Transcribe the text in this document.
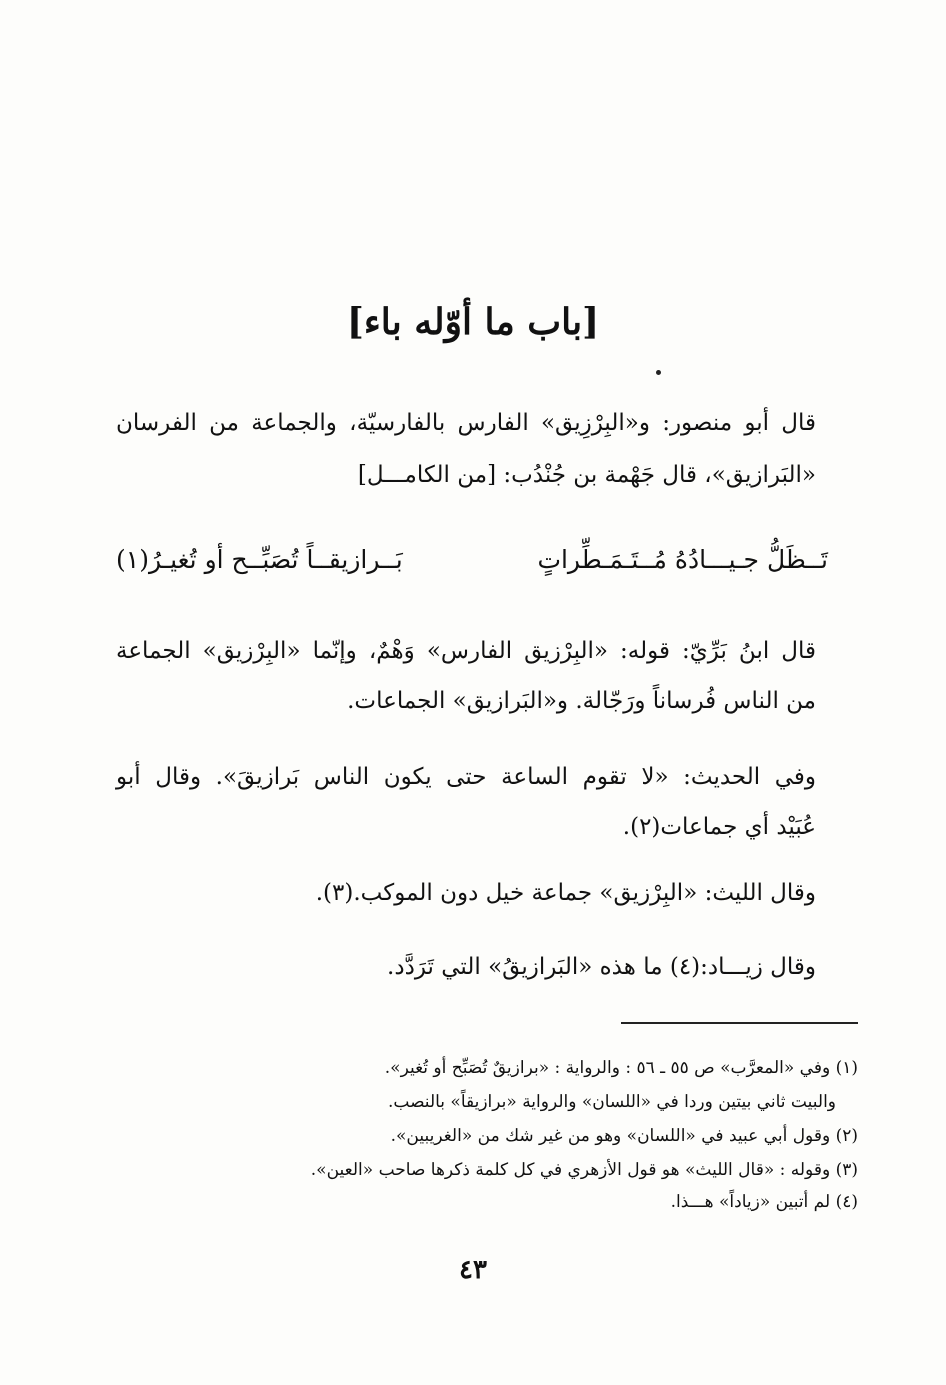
[باب ما أوّله باء]
قال أبو منصور: و«البِرْزِيق» الفارس بالفارسيّة، والجماعة من الفرسان
«البَرازيق»، قال جَهْمة بن جُنْدُب: [من الكامـــل]
تَــظَلُّ جـيـــادُهُ مُــتَـمَـطِّراتٍ
بَــرازيقــاً تُصَبِّــح أو تُغيـرُ(١)
قال ابنُ بَرِّيّ: قوله: «البِرْزيق الفارس» وَهْمٌ، وإنّما «البِرْزيق» الجماعة
من الناس فُرساناً ورَجّالة. و«البَرازيق» الجماعات.
وفي الحديث: «لا تقوم الساعة حتى يكون الناس بَرازيقَ». وقال أبو
عُبَيْد أي جماعات(٢).
وقال الليث: «البِرْزيق» جماعة خيل دون الموكب.(٣).
وقال زيـــاد:(٤) ما هذه «البَرازيقُ» التي تَرَدَّد.
(١) وفي «المعرَّب» ص ٥٥ ـ ٥٦ : والرواية : «برازيقٌ تُصَبِّح أو تُغير».
والبيت ثاني بيتين وردا في «اللسان» والرواية «برازيقاً» بالنصب.
(٢) وقول أبي عبيد في «اللسان» وهو من غير شك من «الغريبين».
(٣) وقوله : «قال الليث» هو قول الأزهري في كل كلمة ذكرها صاحب «العين».
(٤) لم أتبين «زياداً» هـــذا.
٤٣
